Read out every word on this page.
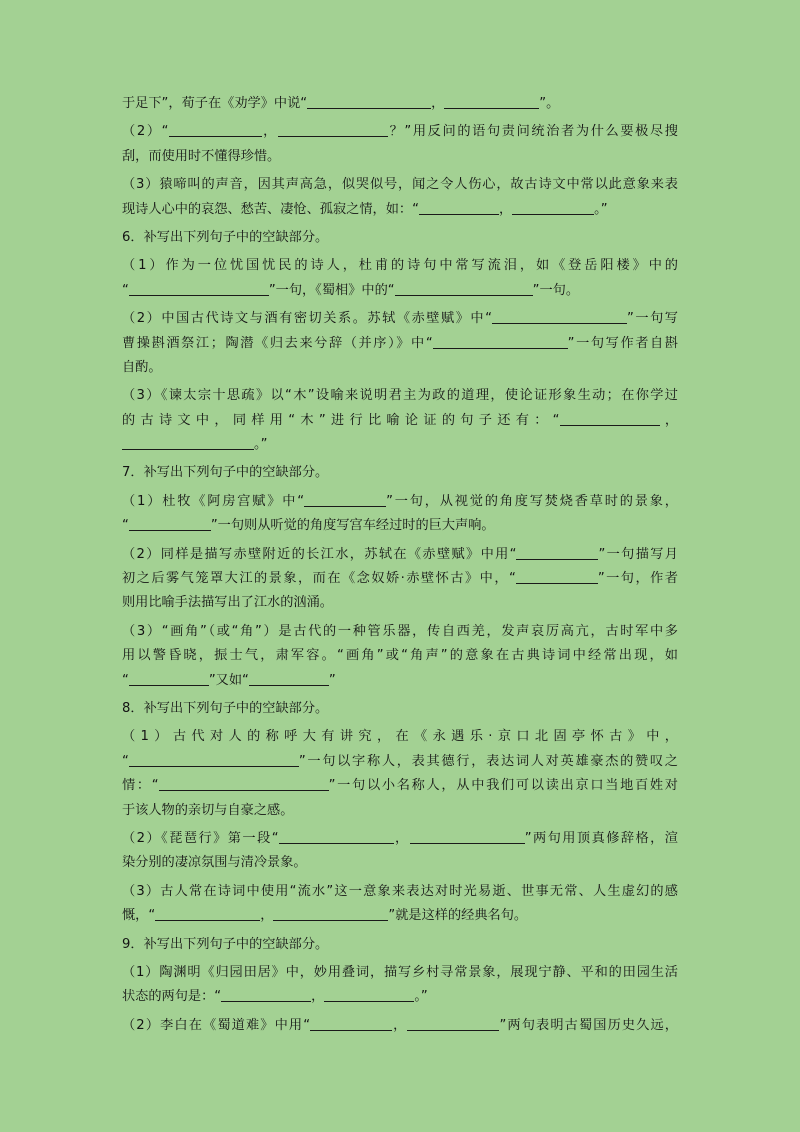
于足下”，荀子在《劝学》中说“	，	”。
（2）“	，	？”用反问的语句责问统治者为什么要极尽搜
刮，而使用时不懂得珍惜。
（3）猿啼叫的声音，因其声高急，似哭似号，闻之令人伤心，故古诗文中常以此意象来表
现诗人心中的哀怨、愁苦、凄怆、孤寂之情，如：“	，	。”
6．补写出下列句子中的空缺部分。
（1）作为一位忧国忧民的诗人，杜甫的诗句中常写流泪，如《登岳阳楼》中的
“	”一句，《蜀相》中的“	”一句。
（2）中国古代诗文与酒有密切关系。苏轼《赤壁赋》中“	”一句写
曹操斟酒祭江；陶潜《归去来兮辞（并序）》中“	”一句写作者自斟
自酌。
（3）《谏太宗十思疏》以“木”设喻来说明君主为政的道理，使论证形象生动；在你学过
的古诗文中，同样用“木”进行比喻论证的句子还有：“	，
。”
7．补写出下列句子中的空缺部分。
（1）杜牧《阿房宫赋》中“	”一句，从视觉的角度写焚烧香草时的景象，
“	”一句则从听觉的角度写宫车经过时的巨大声响。
（2）同样是描写赤壁附近的长江水，苏轼在《赤壁赋》中用“	”一句描写月
初之后雾气笼罩大江的景象，而在《念奴娇·赤壁怀古》中，“	”一句，作者
则用比喻手法描写出了江水的汹涌。
（3）“画角”（或“角”）是古代的一种管乐器，传自西羌，发声哀厉高亢，古时军中多
用以警昏晓，振士气，肃军容。“画角”或“角声”的意象在古典诗词中经常出现，如
“	”又如“	”
8．补写出下列句子中的空缺部分。
（1）古代对人的称呼大有讲究，在《永遇乐·京口北固亭怀古》中，
“	”一句以字称人，表其德行，表达词人对英雄豪杰的赞叹之
情：“	”一句以小名称人，从中我们可以读出京口当地百姓对
于该人物的亲切与自豪之感。
（2）《琵琶行》第一段“	，	”两句用顶真修辞格，渲
染分别的凄凉氛围与清冷景象。
（3）古人常在诗词中使用“流水”这一意象来表达对时光易逝、世事无常、人生虚幻的感
慨，“	，	”就是这样的经典名句。
9．补写出下列句子中的空缺部分。
（1）陶渊明《归园田居》中，妙用叠词，描写乡村寻常景象，展现宁静、平和的田园生活
状态的两句是：“	，	。”
（2）李白在《蜀道难》中用“	，	”两句表明古蜀国历史久远，
